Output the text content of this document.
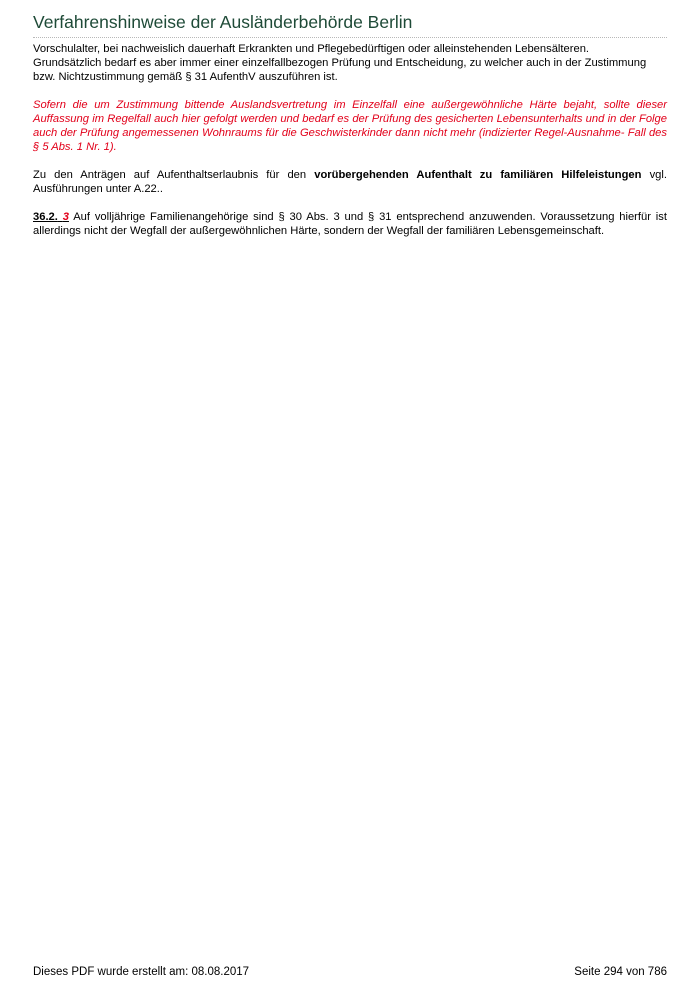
Verfahrenshinweise der Ausländerbehörde Berlin

Vorschulalter, bei nachweislich dauerhaft Erkrankten und Pflegebedürftigen oder alleinstehenden Lebensälteren.
Grundsätzlich bedarf es aber immer einer einzelfallbezogen Prüfung und Entscheidung, zu welcher auch in der Zustimmung
bzw. Nichtzustimmung gemäß § 31 AufenthV auszuführen ist.

Sofern die um Zustimmung bittende Auslandsvertretung im Einzelfall eine außergewöhnliche Härte bejaht, sollte dieser Auffassung im Regelfall auch hier gefolgt werden und bedarf es der Prüfung des gesicherten Lebensunterhalts und in der Folge auch der Prüfung angemessenen Wohnraums für die Geschwisterkinder dann nicht mehr (indizierter Regel-Ausnahme- Fall des § 5 Abs. 1 Nr. 1).

Zu den Anträgen auf Aufenthaltserlaubnis für den vorübergehenden Aufenthalt zu familiären Hilfeleistungen vgl. Ausführungen unter A.22..

36.2. 3 Auf volljährige Familienangehörige sind § 30 Abs. 3 und § 31 entsprechend anzuwenden. Voraussetzung hierfür ist allerdings nicht der Wegfall der außergewöhnlichen Härte, sondern der Wegfall der familiären Lebensgemeinschaft.

Dieses PDF wurde erstellt am: 08.08.2017	Seite 294 von 786
